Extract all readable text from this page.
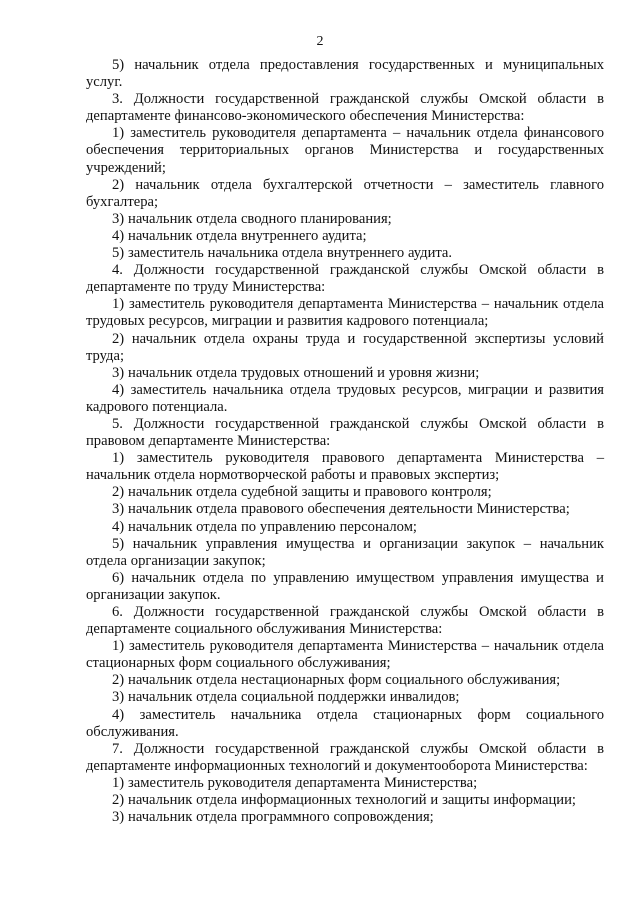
2

5) начальник отдела предоставления государственных и муниципальных услуг.

3. Должности государственной гражданской службы Омской области в департаменте финансово-экономического обеспечения Министерства:

1) заместитель руководителя департамента – начальник отдела финансового обеспечения территориальных органов Министерства и государственных учреждений;

2) начальник отдела бухгалтерской отчетности – заместитель главного бухгалтера;

3) начальник отдела сводного планирования;

4) начальник отдела внутреннего аудита;

5) заместитель начальника отдела внутреннего аудита.

4. Должности государственной гражданской службы Омской области в департаменте по труду Министерства:

1) заместитель руководителя департамента Министерства – начальник отдела трудовых ресурсов, миграции и развития кадрового потенциала;

2) начальник отдела охраны труда и государственной экспертизы условий труда;

3) начальник отдела трудовых отношений и уровня жизни;

4) заместитель начальника отдела трудовых ресурсов, миграции и развития кадрового потенциала.

5. Должности государственной гражданской службы Омской области в правовом департаменте Министерства:

1) заместитель руководителя правового департамента Министерства – начальник отдела нормотворческой работы и правовых экспертиз;

2) начальник отдела судебной защиты и правового контроля;

3) начальник отдела правового обеспечения деятельности Министерства;

4) начальник отдела по управлению персоналом;

5) начальник управления имущества и организации закупок – начальник отдела организации закупок;

6) начальник отдела по управлению имуществом управления имущества и организации закупок.

6. Должности государственной гражданской службы Омской области в департаменте социального обслуживания Министерства:

1) заместитель руководителя департамента Министерства – начальник отдела стационарных форм социального обслуживания;

2) начальник отдела нестационарных форм социального обслуживания;

3) начальник отдела социальной поддержки инвалидов;

4) заместитель начальника отдела стационарных форм социального обслуживания.

7. Должности государственной гражданской службы Омской области в департаменте информационных технологий и документооборота Министерства:

1) заместитель руководителя департамента Министерства;

2) начальник отдела информационных технологий и защиты информации;

3) начальник отдела программного сопровождения;
